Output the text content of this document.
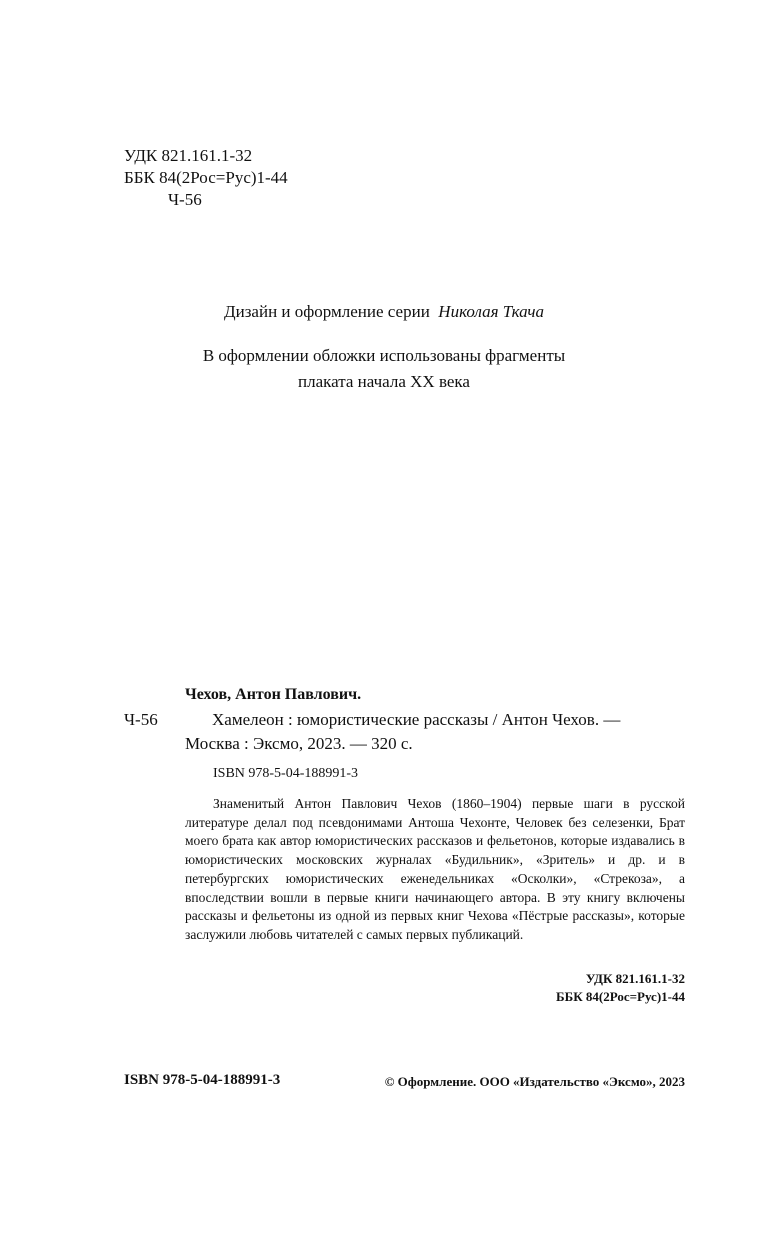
УДК 821.161.1-32
ББК 84(2Рос=Рус)1-44
Ч-56
Дизайн и оформление серии Николая Ткача
В оформлении обложки использованы фрагменты
плаката начала ХХ века
Чехов, Антон Павлович.
Ч-56	Хамелеон : юмористические рассказы / Антон Чехов. —
Москва : Эксмо, 2023. — 320 с.
ISBN 978-5-04-188991-3
Знаменитый Антон Павлович Чехов (1860–1904) первые шаги в русской литературе делал под псевдонимами Антоша Чехонте, Человек без селезенки, Брат моего брата как автор юмористических рассказов и фельетонов, которые издавались в юмористических московских журналах «Будильник», «Зритель» и др. и в петербургских юмористических еженедельниках «Осколки», «Стрекоза», а впоследствии вошли в первые книги начинающего автора. В эту книгу включены рассказы и фельетоны из одной из первых книг Чехова «Пёстрые рассказы», которые заслужили любовь читателей с самых первых публикаций.
УДК 821.161.1-32
ББК 84(2Рос=Рус)1-44
ISBN 978-5-04-188991-3	© Оформление. ООО «Издательство «Эксмо», 2023
